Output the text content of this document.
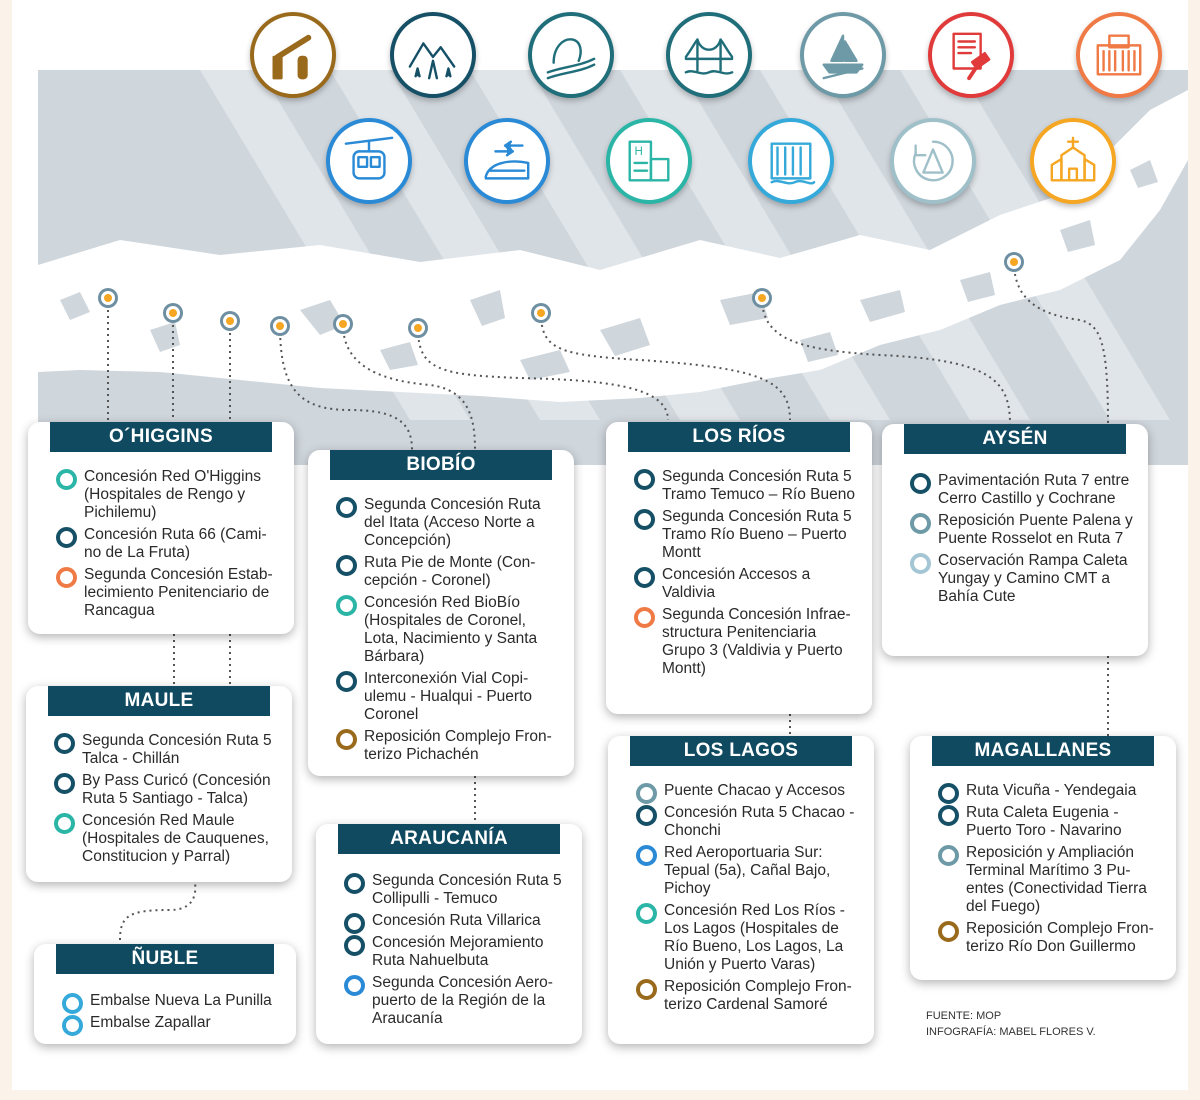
H
O´HIGGINS
Concesión Red O'Higgins (Hospitales de Rengo y Pichilemu)
Concesión Ruta 66 (Cami-no de La Fruta)
Segunda Concesión Estab-lecimiento Penitenciario de Rancagua
MAULE
Segunda Concesión Ruta 5 Talca - Chillán
By Pass Curicó (Concesión Ruta 5 Santiago - Talca)
Concesión Red Maule (Hospitales de Cauquenes, Constitucion y Parral)
ÑUBLE
Embalse Nueva La Punilla
Embalse Zapallar
BIOBÍO
Segunda Concesión Ruta del Itata (Acceso Norte a Concepción)
Ruta Pie de Monte (Con-cepción - Coronel)
Concesión Red BioBío (Hospitales de Coronel, Lota, Nacimiento y Santa Bárbara)
Interconexión Vial Copi-ulemu - Hualqui - Puerto Coronel
Reposición Complejo Fron-terizo Pichachén
ARAUCANÍA
Segunda Concesión Ruta 5 Collipulli - Temuco
Concesión Ruta Villarica
Concesión Mejoramiento Ruta Nahuelbuta
Segunda Concesión Aero-puerto de la Región de la Araucanía
LOS RÍOS
Segunda Concesión Ruta 5 Tramo Temuco – Río Bueno
Segunda Concesión Ruta 5 Tramo Río Bueno – Puerto Montt
Concesión Accesos a Valdivia
Segunda Concesión Infrae-structura Penitenciaria Grupo 3 (Valdivia y Puerto Montt)
LOS LAGOS
Puente Chacao y Accesos
Concesión Ruta 5 Chacao - Chonchi
Red Aeroportuaria Sur: Tepual (5a), Cañal Bajo, Pichoy
Concesión Red Los Ríos - Los Lagos (Hospitales de Río Bueno, Los Lagos, La Unión y Puerto Varas)
Reposición Complejo Fron-terizo Cardenal Samoré
AYSÉN
Pavimentación Ruta 7 entre Cerro Castillo y Cochrane
Reposición Puente Palena y Puente Rosselot en Ruta 7
Coservación Rampa Caleta Yungay y Camino CMT a Bahía Cute
MAGALLANES
Ruta Vicuña - Yendegaia
Ruta Caleta Eugenia - Puerto Toro - Navarino
Reposición y Ampliación Terminal Marítimo 3 Pu-entes (Conectividad Tierra del Fuego)
Reposición Complejo Fron-terizo Río Don Guillermo
FUENTE: MOP
INFOGRAFÍA: MABEL FLORES V.
